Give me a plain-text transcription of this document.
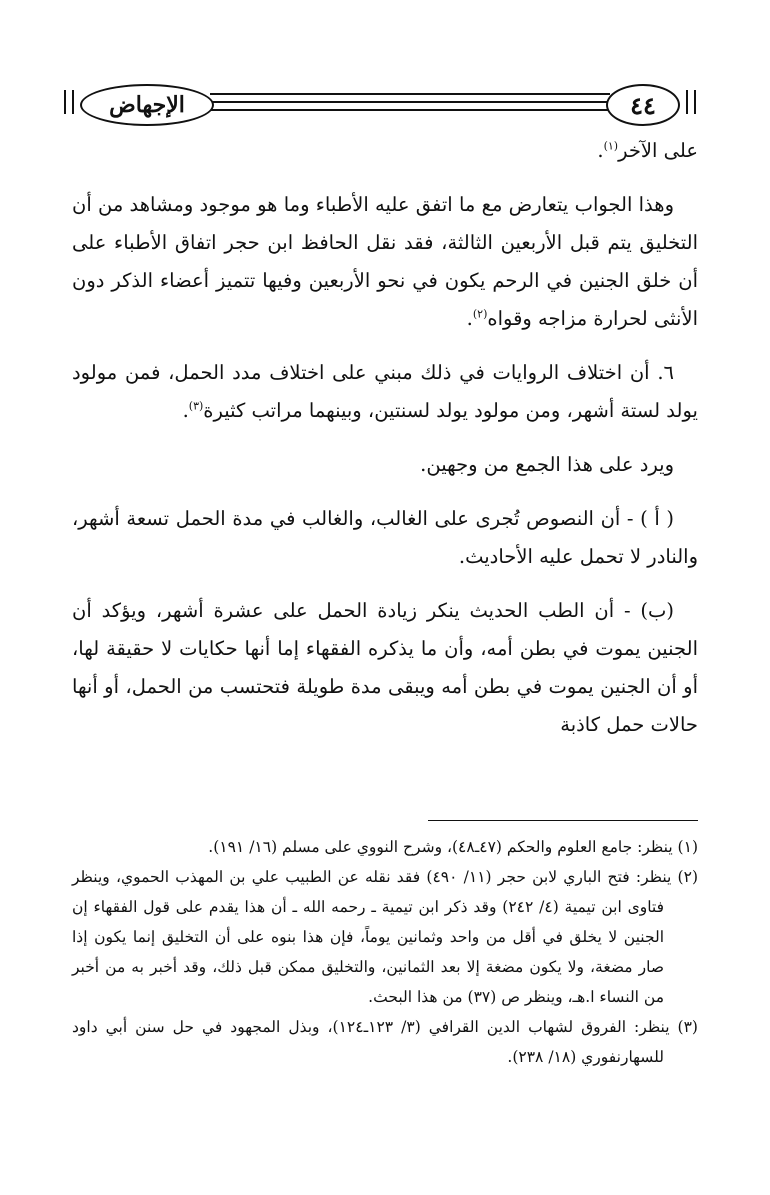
الإجهاض	٤٤

على الآخر$^{(١)}$.

وهذا الجواب يتعارض مع ما اتفق عليه الأطباء وما هو موجود ومشاهد من أن التخليق يتم قبل الأربعين الثالثة، فقد نقل الحافظ ابن حجر اتفاق الأطباء على أن خلق الجنين في الرحم يكون في نحو الأربعين وفيها تتميز أعضاء الذكر دون الأنثى لحرارة مزاجه وقواه$^{(٢)}$.

٦. أن اختلاف الروايات في ذلك مبني على اختلاف مدد الحمل، فمن مولود يولد لستة أشهر، ومن مولود يولد لسنتين، وبينهما مراتب كثيرة$^{(٣)}$.

ويرد على هذا الجمع من وجهين.

( أ ) - أن النصوص تُجرى على الغالب، والغالب في مدة الحمل تسعة أشهر، والنادر لا تحمل عليه الأحاديث.

(ب) - أن الطب الحديث ينكر زيادة الحمل على عشرة أشهر، ويؤكد أن الجنين يموت في بطن أمه، وأن ما يذكره الفقهاء إما أنها حكايات لا حقيقة لها، أو أن الجنين يموت في بطن أمه ويبقى مدة طويلة فتحتسب من الحمل، أو أنها حالات حمل كاذبة

(١) ينظر: جامع العلوم والحكم (٤٧ـ٤٨)، وشرح النووي على مسلم (١٦/ ١٩١).

(٢) ينظر: فتح الباري لابن حجر (١١/ ٤٩٠) فقد نقله عن الطبيب علي بن المهذب الحموي، وينظر فتاوى ابن تيمية (٤/ ٢٤٢) وقد ذكر ابن تيمية ـ رحمه الله ـ أن هذا يقدم على قول الفقهاء إن الجنين لا يخلق في أقل من واحد وثمانين يوماً، فإن هذا بنوه على أن التخليق إنما يكون إذا صار مضغة، ولا يكون مضغة إلا بعد الثمانين، والتخليق ممكن قبل ذلك، وقد أخبر به من أخبر من النساء ا.هـ، وينظر ص (٣٧) من هذا البحث.

(٣) ينظر: الفروق لشهاب الدين القرافي (٣/ ١٢٣ـ١٢٤)، وبذل المجهود في حل سنن أبي داود للسهارنفوري (١٨/ ٢٣٨).
